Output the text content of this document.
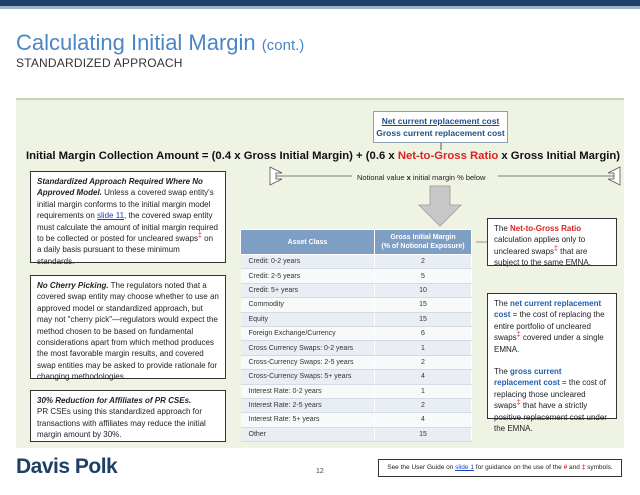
Calculating Initial Margin (cont.)
STANDARDIZED APPROACH
Net current replacement cost
Gross current replacement cost
Initial Margin Collection Amount = (0.4 x Gross Initial Margin) + (0.6 x Net-to-Gross Ratio x Gross Initial Margin)
Notional value x initial margin % below
Standardized Approach Required Where No Approved Model. Unless a covered swap entity's initial margin conforms to the initial margin model requirements on slide 11, the covered swap entity must calculate the amount of initial margin required to be collected or posted for uncleared swaps‡ on a daily basis pursuant to these minimum standards.
No Cherry Picking. The regulators noted that a covered swap entity may choose whether to use an approved model or standardized approach, but may not "cherry pick"—regulators would expect the method chosen to be based on fundamental considerations apart from which method produces the most favorable margin results, and covered swap entities may be asked to provide rationale for changing methodologies.
30% Reduction for Affiliates of PR CSEs.
PR CSEs using this standardized approach for transactions with affiliates may reduce the initial margin amount by 30%.
Asset Class	Gross Initial Margin
(% of Notional Exposure)
Credit: 0-2 years	2
Credit: 2-5 years	5
Credit: 5+ years	10
Commodity	15
Equity	15
Foreign Exchange/Currency	6
Cross Currency Swaps: 0-2 years	1
Cross-Currency Swaps: 2-5 years	2
Cross-Currency Swaps: 5+ years	4
Interest Rate: 0-2 years	1
Interest Rate: 2-5 years	2
Interest Rate: 5+ years	4
Other	15
The Net-to-Gross Ratio calculation applies only to uncleared swaps‡ that are subject to the same EMNA.
The net current replacement cost = the cost of replacing the entire portfolio of uncleared swaps‡ covered under a single EMNA.
The gross current replacement cost = the cost of replacing those uncleared swaps‡ that have a strictly positive replacement cost under the EMNA.
Davis Polk	12
See the User Guide on slide 1 for guidance on the use of the # and ‡ symbols.
